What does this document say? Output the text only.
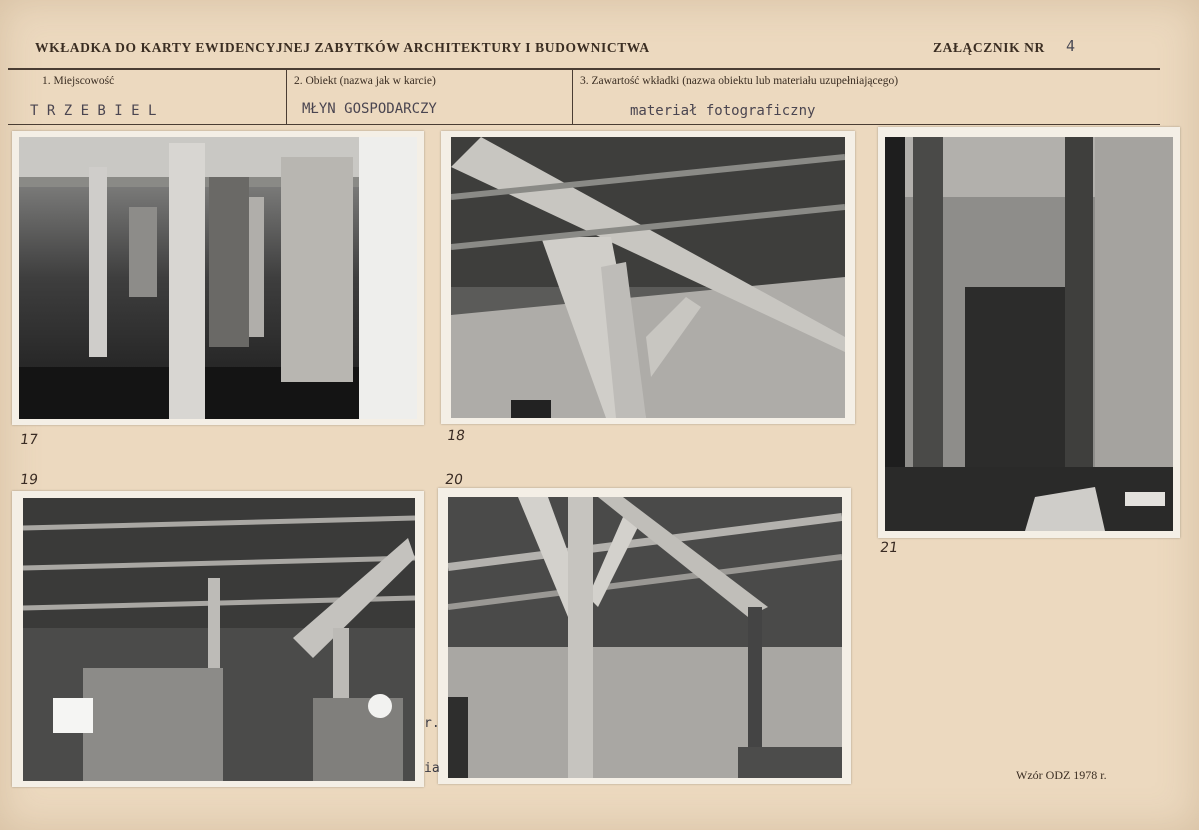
WKŁADKA DO KARTY EWIDENCYJNEJ ZABYTKÓW ARCHITEKTURY I BUDOWNICTWA	ZAŁĄCZNIK NR 4
1. Miejscowość
T R Z E B I E L
2. Obiekt (nazwa jak w karcie)
MŁYN GOSPODARCZY
3. Zawartość wkładki (nazwa obiektu lub materiału uzupełniającego)
materiał fotograficzny
r.
ia
17	18
19	20
21
Wzór ODZ 1978 r.
